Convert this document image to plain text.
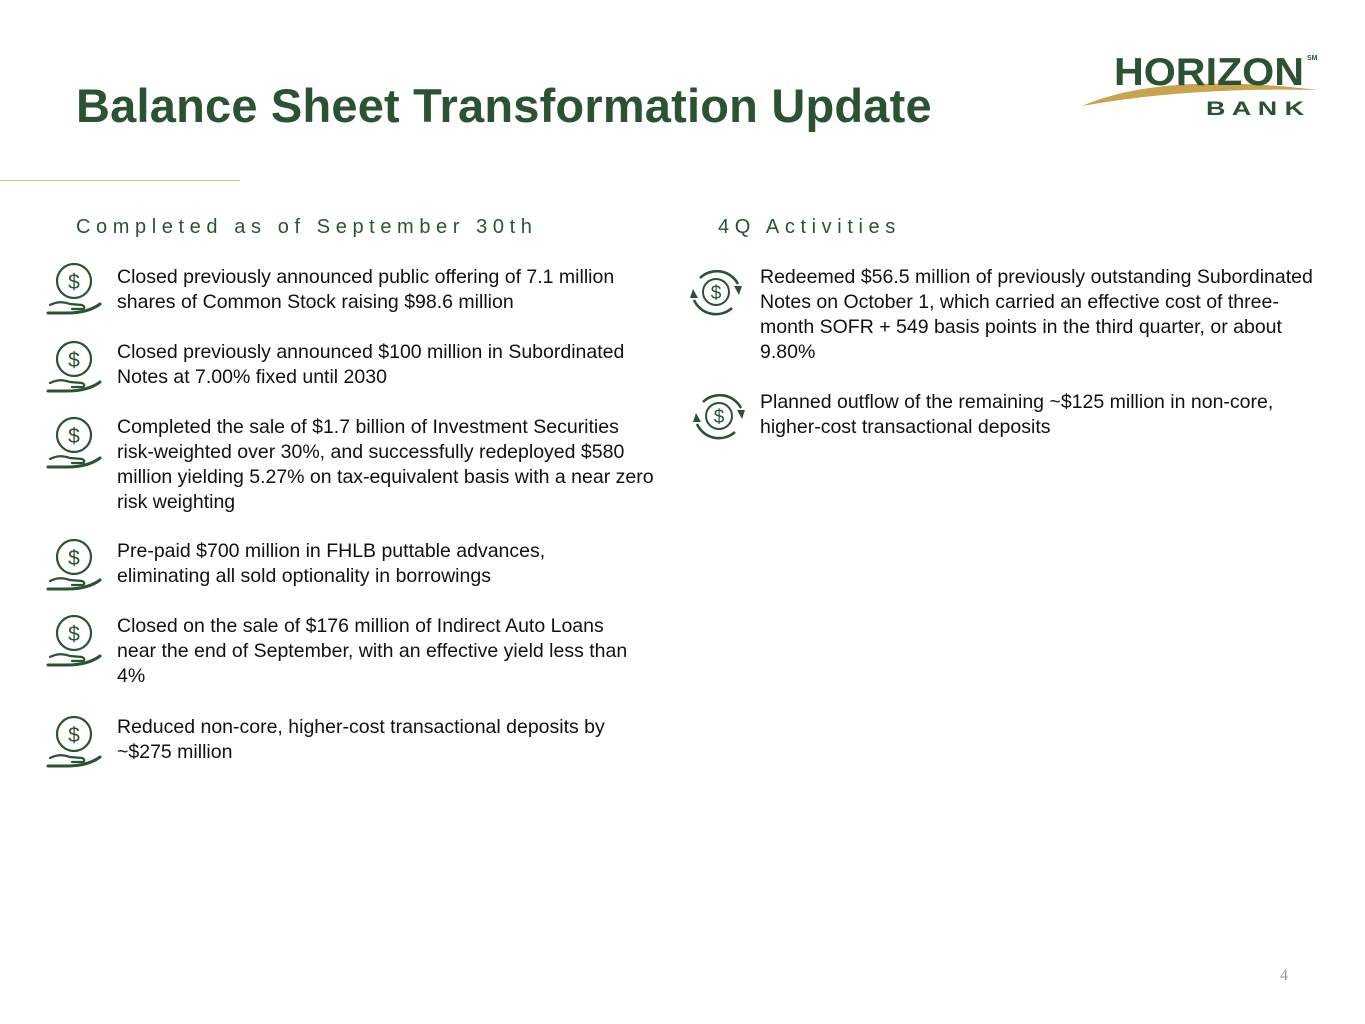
Balance Sheet Transformation Update
HORIZON SM
B A N K
Completed as of September 30th	4Q Activities
$ Closed previously announced public offering of 7.1 million shares of Common Stock raising $98.6 million

$ Closed previously announced $100 million in Subordinated Notes at 7.00% fixed until 2030

$ Completed the sale of $1.7 billion of Investment Securities risk-weighted over 30%, and successfully redeployed $580 million yielding 5.27% on tax-equivalent basis with a near zero risk weighting

$ Pre-paid $700 million in FHLB puttable advances, eliminating all sold optionality in borrowings

$ Closed on the sale of $176 million of Indirect Auto Loans near the end of September, with an effective yield less than 4%

$ Reduced non-core, higher-cost transactional deposits by ~$275 million

$

Redeemed $56.5 million of previously outstanding Subordinated Notes on October 1, which carried an effective cost of three-month SOFR + 549 basis points in the third quarter, or about 9.80%

$

Planned outflow of the remaining ~$125 million in non-core, higher-cost transactional deposits

4
